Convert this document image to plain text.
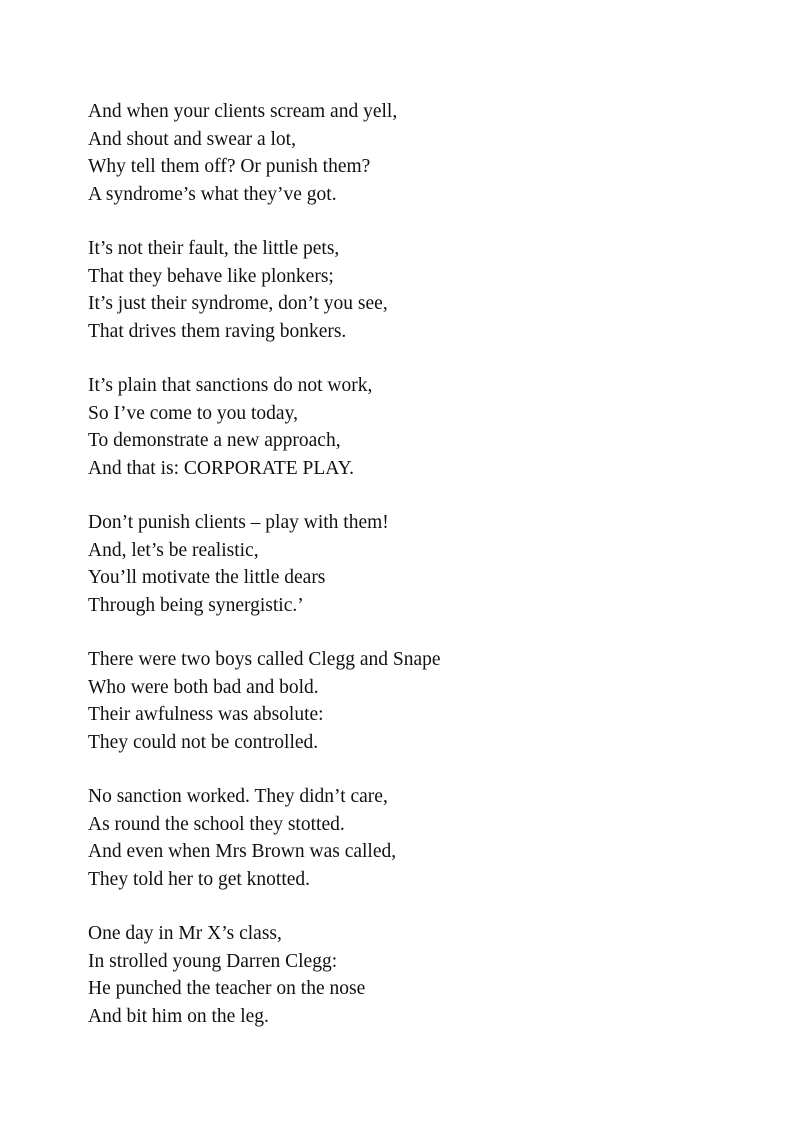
And when your clients scream and yell,
And shout and swear a lot,
Why tell them off? Or punish them?
A syndrome’s what they’ve got.
It’s not their fault, the little pets,
That they behave like plonkers;
It’s just their syndrome, don’t you see,
That drives them raving bonkers.
It’s plain that sanctions do not work,
So I’ve come to you today,
To demonstrate a new approach,
And that is: CORPORATE PLAY.
Don’t punish clients – play with them!
And, let’s be realistic,
You’ll motivate the little dears
Through being synergistic.’
There were two boys called Clegg and Snape
Who were both bad and bold.
Their awfulness was absolute:
They could not be controlled.
No sanction worked. They didn’t care,
As round the school they stotted.
And even when Mrs Brown was called,
They told her to get knotted.
One day in Mr X’s class,
In strolled young Darren Clegg:
He punched the teacher on the nose
And bit him on the leg.
